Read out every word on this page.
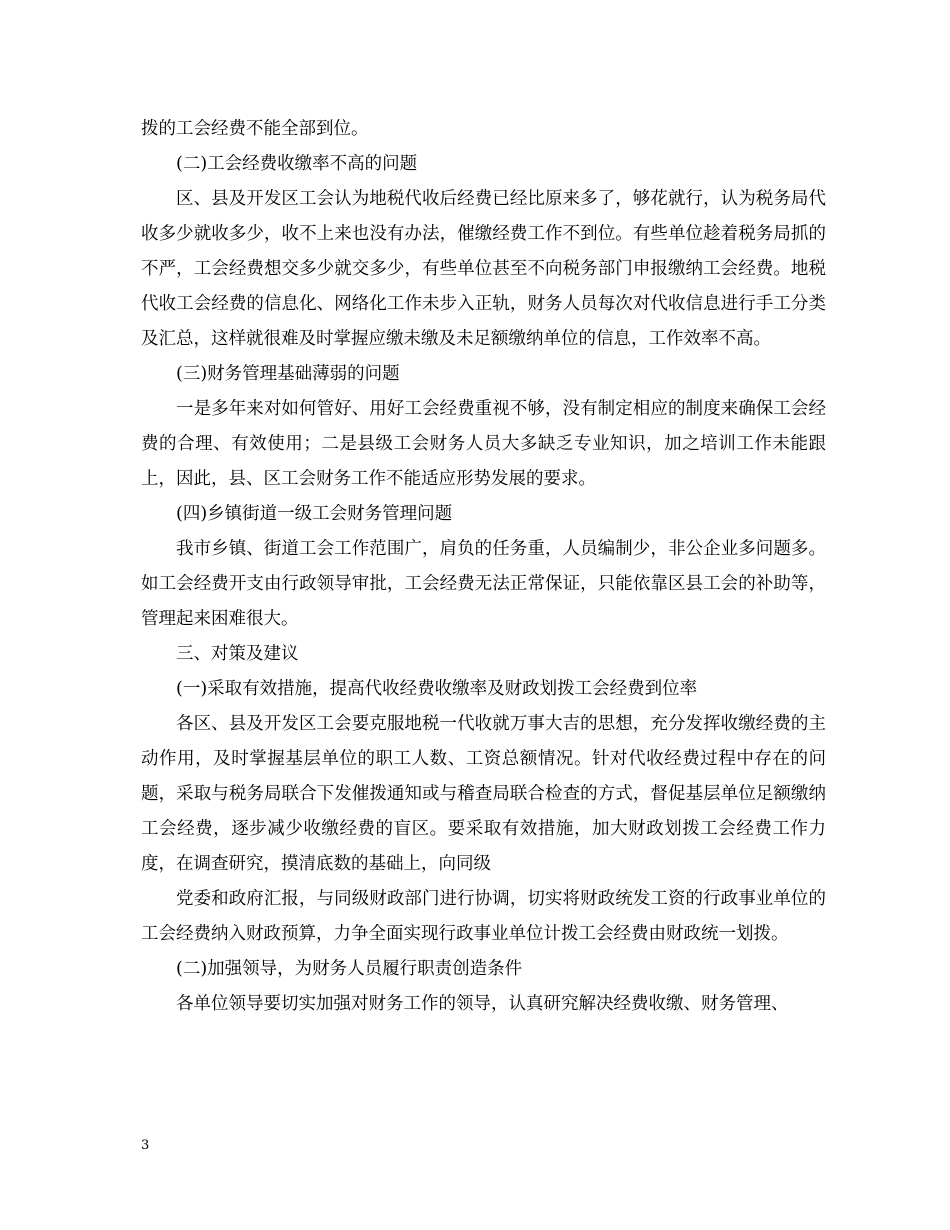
拨的工会经费不能全部到位。

(二)工会经费收缴率不高的问题

区、县及开发区工会认为地税代收后经费已经比原来多了，够花就行，认为税务局代收多少就收多少，收不上来也没有办法，催缴经费工作不到位。有些单位趁着税务局抓的不严，工会经费想交多少就交多少，有些单位甚至不向税务部门申报缴纳工会经费。地税代收工会经费的信息化、网络化工作未步入正轨，财务人员每次对代收信息进行手工分类及汇总，这样就很难及时掌握应缴未缴及未足额缴纳单位的信息，工作效率不高。

(三)财务管理基础薄弱的问题

一是多年来对如何管好、用好工会经费重视不够，没有制定相应的制度来确保工会经费的合理、有效使用；二是县级工会财务人员大多缺乏专业知识，加之培训工作未能跟上，因此，县、区工会财务工作不能适应形势发展的要求。

(四)乡镇街道一级工会财务管理问题

我市乡镇、街道工会工作范围广，肩负的任务重，人员编制少，非公企业多问题多。如工会经费开支由行政领导审批，工会经费无法正常保证，只能依靠区县工会的补助等，管理起来困难很大。

三、对策及建议

(一)采取有效措施，提高代收经费收缴率及财政划拨工会经费到位率

各区、县及开发区工会要克服地税一代收就万事大吉的思想，充分发挥收缴经费的主动作用，及时掌握基层单位的职工人数、工资总额情况。针对代收经费过程中存在的问题，采取与税务局联合下发催拨通知或与稽查局联合检查的方式，督促基层单位足额缴纳工会经费，逐步减少收缴经费的盲区。要采取有效措施，加大财政划拨工会经费工作力度，在调查研究，摸清底数的基础上，向同级

党委和政府汇报，与同级财政部门进行协调，切实将财政统发工资的行政事业单位的工会经费纳入财政预算，力争全面实现行政事业单位计拨工会经费由财政统一划拨。

(二)加强领导，为财务人员履行职责创造条件

各单位领导要切实加强对财务工作的领导，认真研究解决经费收缴、财务管理、

3
